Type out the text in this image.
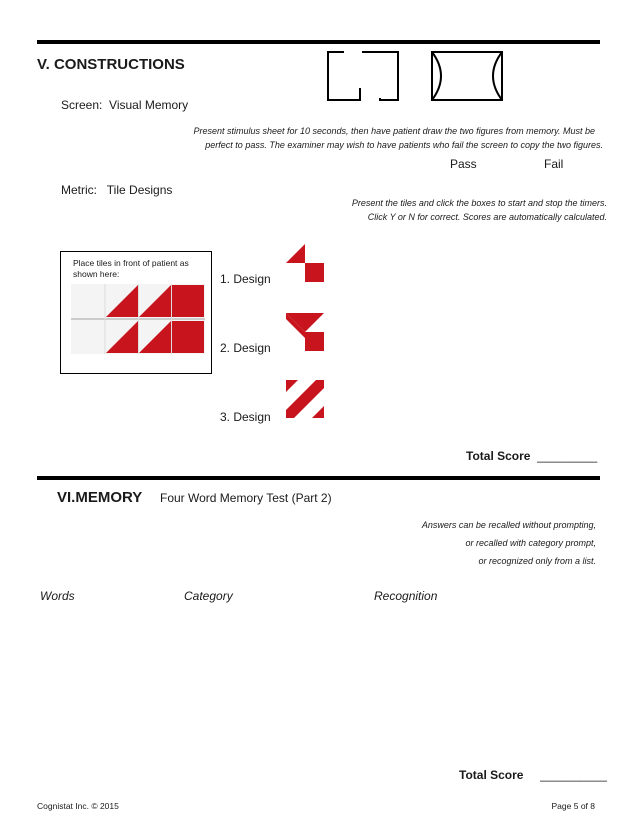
V. CONSTRUCTIONS
Screen: Visual Memory
Present stimulus sheet for 10 seconds, then have patient draw the two figures from memory. Must be
perfect to pass. The examiner may wish to have patients who fail the screen to copy the two figures.
Pass	Fail
Metric: Tile Designs
Present the tiles and click the boxes to start and stop the timers.
Click Y or N for correct. Scores are automatically calculated.
Place tiles in front of patient as shown here:	1. Design
2. Design
3. Design
Total Score _________
VI.MEMORY Four Word Memory Test (Part 2)
Answers can be recalled without prompting,
or recalled with category prompt,
or recognized only from a list.
Words	Category	Recognition
Total Score __________
Cognistat Inc. © 2015	Page 5 of 8
